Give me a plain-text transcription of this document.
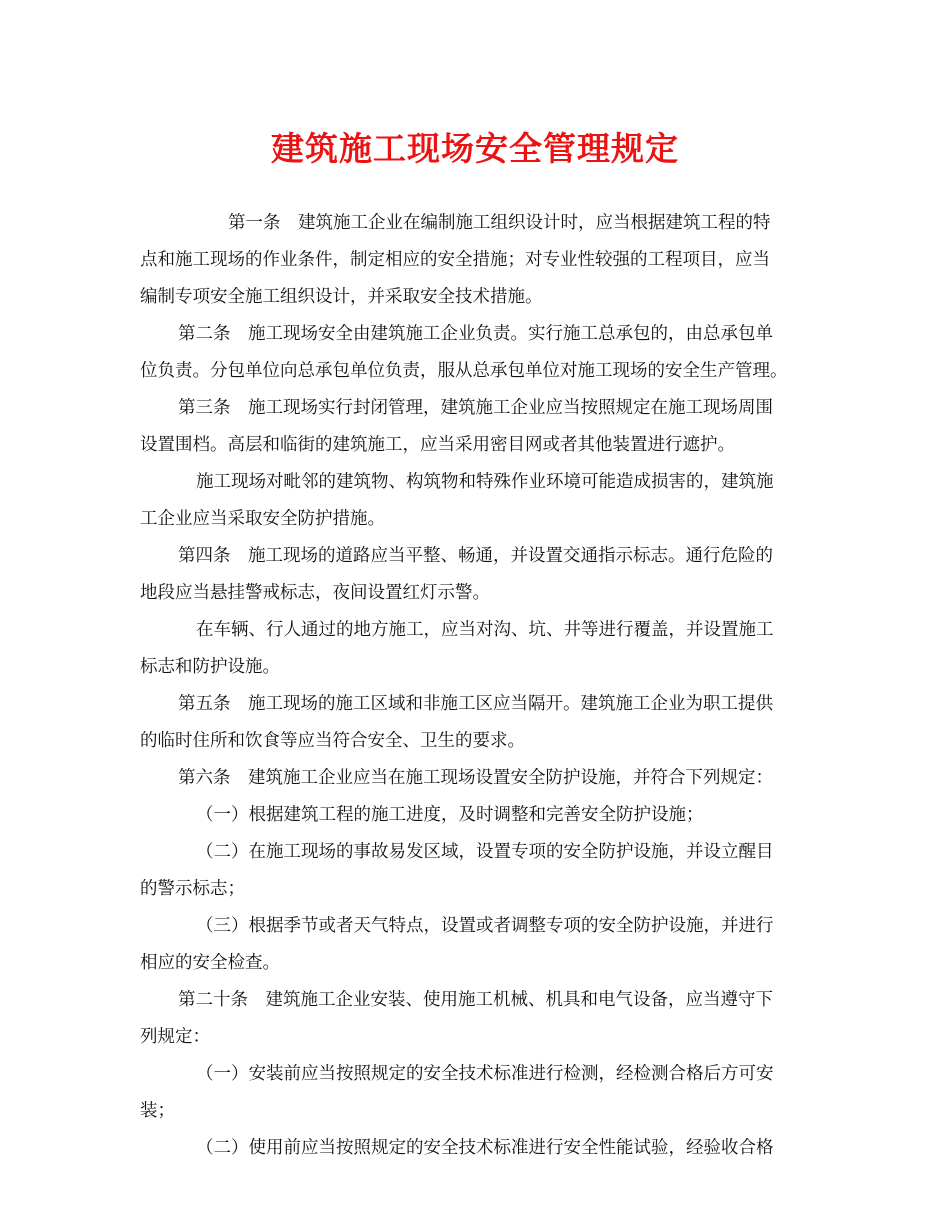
建筑施工现场安全管理规定
第一条　建筑施工企业在编制施工组织设计时，应当根据建筑工程的特
点和施工现场的作业条件，制定相应的安全措施；对专业性较强的工程项目，应当
编制专项安全施工组织设计，并采取安全技术措施。
第二条　施工现场安全由建筑施工企业负责。实行施工总承包的，由总承包单
位负责。分包单位向总承包单位负责，服从总承包单位对施工现场的安全生产管理。
第三条　施工现场实行封闭管理，建筑施工企业应当按照规定在施工现场周围
设置围档。高层和临街的建筑施工，应当采用密目网或者其他装置进行遮护。
施工现场对毗邻的建筑物、构筑物和特殊作业环境可能造成损害的，建筑施
工企业应当采取安全防护措施。
第四条　施工现场的道路应当平整、畅通，并设置交通指示标志。通行危险的
地段应当悬挂警戒标志，夜间设置红灯示警。
在车辆、行人通过的地方施工，应当对沟、坑、井等进行覆盖，并设置施工
标志和防护设施。
第五条　施工现场的施工区域和非施工区应当隔开。建筑施工企业为职工提供
的临时住所和饮食等应当符合安全、卫生的要求。
第六条　建筑施工企业应当在施工现场设置安全防护设施，并符合下列规定：
（一）根据建筑工程的施工进度，及时调整和完善安全防护设施；
（二）在施工现场的事故易发区域，设置专项的安全防护设施，并设立醒目
的警示标志；
（三）根据季节或者天气特点，设置或者调整专项的安全防护设施，并进行
相应的安全检查。
第二十条　建筑施工企业安装、使用施工机械、机具和电气设备，应当遵守下
列规定：
（一）安装前应当按照规定的安全技术标准进行检测，经检测合格后方可安
装；
（二）使用前应当按照规定的安全技术标准进行安全性能试验，经验收合格
